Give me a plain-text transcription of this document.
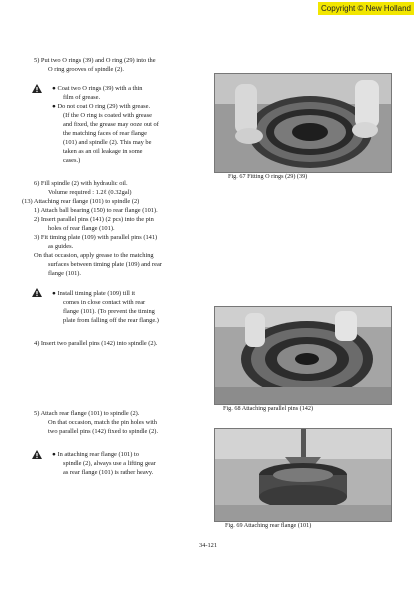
Copyright © New Holland
5) Put two O rings (39) and O ring (29) into the
O ring grooves of spindle (2).
● Coat two O rings (39) with a thin
film of grease.
● Do not coat O ring (29) with grease.
(If the O ring is coated with grease
and fixed, the grease may ooze out of
the matching faces of rear flange
(101) and spindle (2). This may be
taken as an oil leakage in some
cases.)
6) Fill spindle (2) with hydraulic oil.
Volume required : 1.2ℓ (0.32gal)
(13) Attaching rear flange (101) to spindle (2)
1) Attach ball bearing (150) to rear flange (101).
2) Insert parallel pins (141) (2 pcs) into the pin
holes of rear flange (101).
3) Fit timing plate (109) with parallel pins (141)
as guides.
On that occasion, apply grease to the matching
surfaces between timing plate (109) and rear
flange (101).
● Install timing plate (109) till it
comes in close contact with rear
flange (101). (To prevent the timing
plate from falling off the rear flange.)
4) Insert two parallel pins (142) into spindle (2).
5) Attach rear flange (101) to spindle (2).
On that occasion, match the pin holes with
two parallel pins (142) fixed to spindle (2).
● In attaching rear flange (101) to
spindle (2), always use a lifting gear
as rear flange (101) is rather heavy.
Fig. 67 Fitting O rings (29) (39)
Fig. 68 Attaching parallel pins (142)
Fig. 69 Attaching rear flange (101)
34-121
